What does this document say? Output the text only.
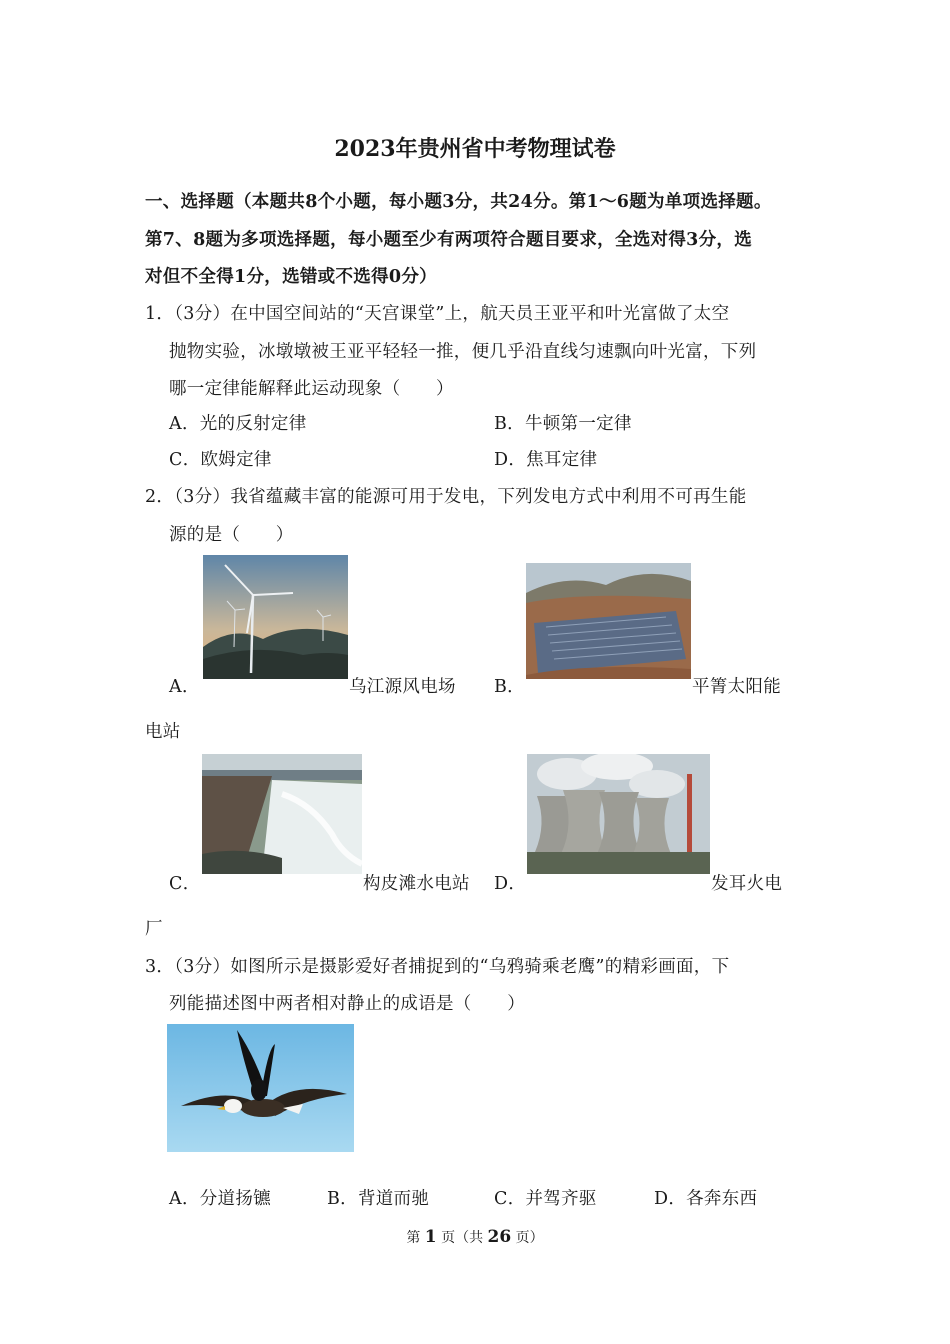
2023年贵州省中考物理试卷
一、选择题（本题共8个小题，每小题3分，共24分。第1～6题为单项选择题。
第7、8题为多项选择题，每小题至少有两项符合题目要求，全选对得3分，选
对但不全得1分，选错或不选得0分）
1．（3分）在中国空间站的“天宫课堂”上，航天员王亚平和叶光富做了太空
抛物实验，冰墩墩被王亚平轻轻一推，便几乎沿直线匀速飘向叶光富，下列
哪一定律能解释此运动现象（　　）
A．光的反射定律	B．牛顿第一定律
C．欧姆定律	D．焦耳定律
2．（3分）我省蕴藏丰富的能源可用于发电，下列发电方式中利用不可再生能
源的是（　　）
A．	乌江源风电场 B．	平箐太阳能
电站
C．	构皮滩水电站 D．	发耳火电
厂
3．（3分）如图所示是摄影爱好者捕捉到的“乌鸦骑乘老鹰”的精彩画面，下
列能描述图中两者相对静止的成语是（　　）
A．分道扬镳	B．背道而驰	C．并驾齐驱	D．各奔东西
第 1 页（共 26 页）
